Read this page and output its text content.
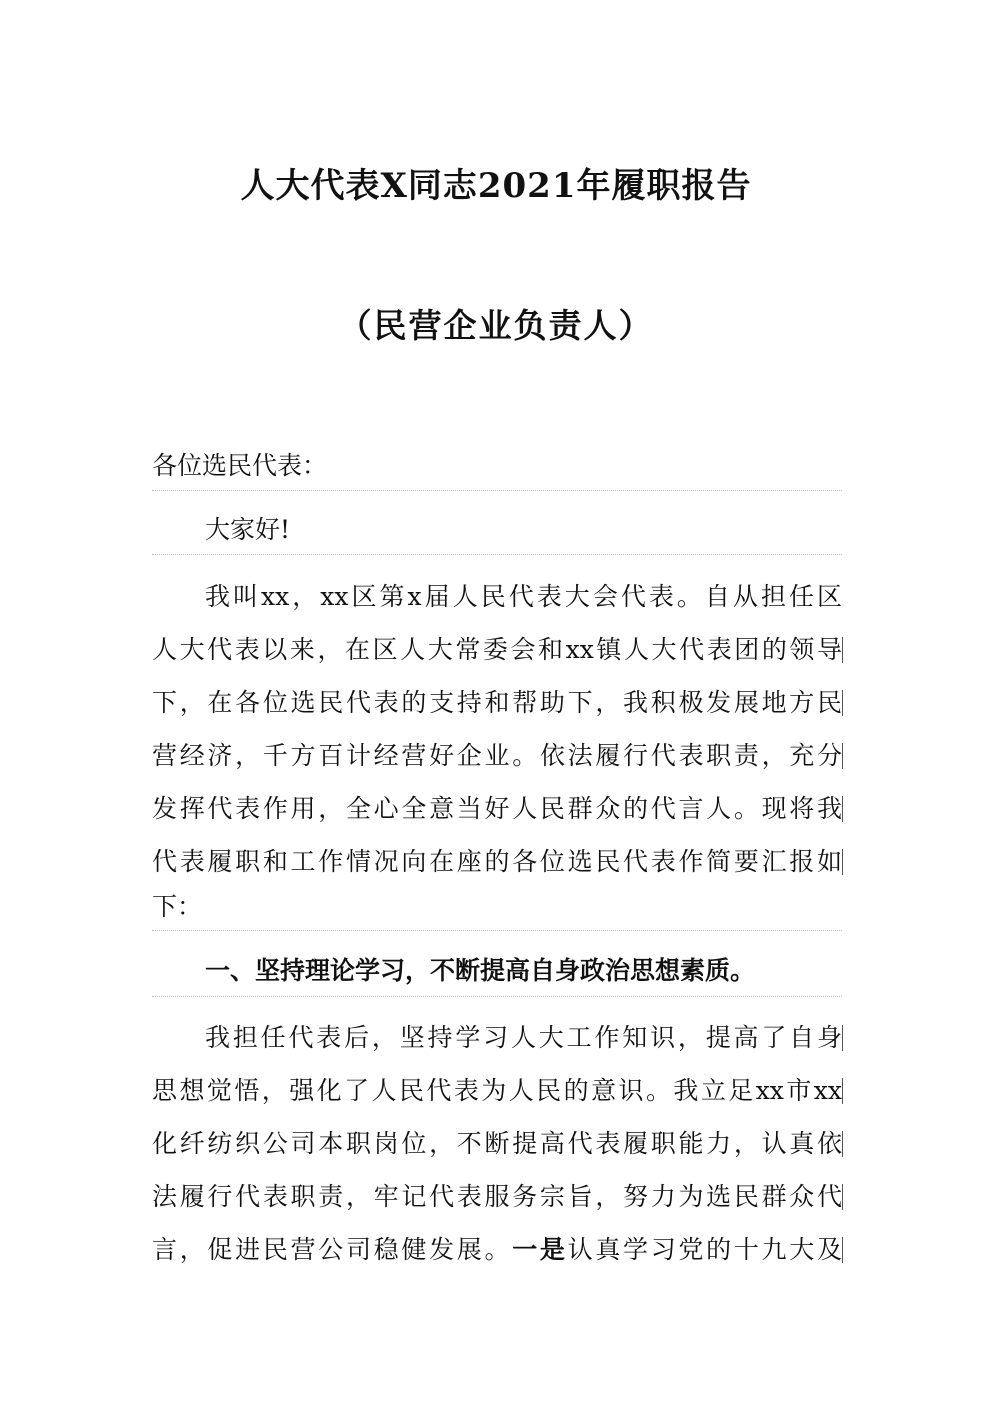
人大代表X同志2021年履职报告
（民营企业负责人）
各位选民代表：
大家好!
我叫xx，xx区第x届人民代表大会代表。自从担任区
人大代表以来，在区人大常委会和xx镇人大代表团的领导
下，在各位选民代表的支持和帮助下，我积极发展地方民
营经济，千方百计经营好企业。依法履行代表职责，充分
发挥代表作用，全心全意当好人民群众的代言人。现将我
代表履职和工作情况向在座的各位选民代表作简要汇报如
下：
一、坚持理论学习，不断提高自身政治思想素质。
我担任代表后，坚持学习人大工作知识，提高了自身
思想觉悟，强化了人民代表为人民的意识。我立足xx市xx
化纤纺织公司本职岗位，不断提高代表履职能力，认真依
法履行代表职责，牢记代表服务宗旨，努力为选民群众代
言，促进民营公司稳健发展。一是认真学习党的十九大及
